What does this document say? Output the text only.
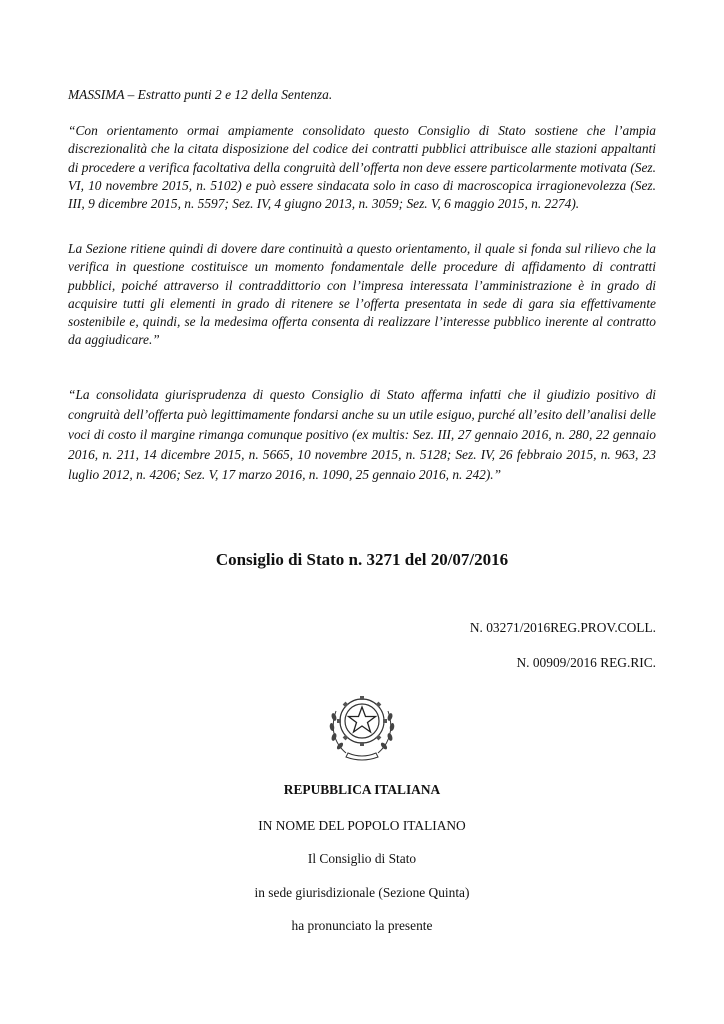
MASSIMA – Estratto punti 2 e 12 della Sentenza.

“Con orientamento ormai ampiamente consolidato questo Consiglio di Stato sostiene che l’ampia discrezionalità che la citata disposizione del codice dei contratti pubblici attribuisce alle stazioni appaltanti di procedere a verifica facoltativa della congruità dell’offerta non deve essere particolarmente motivata (Sez. VI, 10 novembre 2015, n. 5102) e può essere sindacata solo in caso di macroscopica irragionevolezza (Sez. III, 9 dicembre 2015, n. 5597; Sez. IV, 4 giugno 2013, n. 3059; Sez. V, 6 maggio 2015, n. 2274).

La Sezione ritiene quindi di dovere dare continuità a questo orientamento, il quale si fonda sul rilievo che la verifica in questione costituisce un momento fondamentale delle procedure di affidamento di contratti pubblici, poiché attraverso il contraddittorio con l’impresa interessata l’amministrazione è in grado di acquisire tutti gli elementi in grado di ritenere se l’offerta presentata in sede di gara sia effettivamente sostenibile e, quindi, se la medesima offerta consenta di realizzare l’interesse pubblico inerente al contratto da aggiudicare.”

“La consolidata giurisprudenza di questo Consiglio di Stato afferma infatti che il giudizio positivo di congruità dell’offerta può legittimamente fondarsi anche su un utile esiguo, purché all’esito dell’analisi delle voci di costo il margine rimanga comunque positivo (ex multis: Sez. III, 27 gennaio 2016, n. 280, 22 gennaio 2016, n. 211, 14 dicembre 2015, n. 5665, 10 novembre 2015, n. 5128; Sez. IV, 26 febbraio 2015, n. 963, 23 luglio 2012, n. 4206; Sez. V, 17 marzo 2016, n. 1090, 25 gennaio 2016, n. 242).”

Consiglio di Stato n. 3271 del 20/07/2016

N. 03271/2016REG.PROV.COLL.

N. 00909/2016 REG.RIC.

REPUBBLICA ITALIANA

IN NOME DEL POPOLO ITALIANO

Il Consiglio di Stato

in sede giurisdizionale (Sezione Quinta)

ha pronunciato la presente
